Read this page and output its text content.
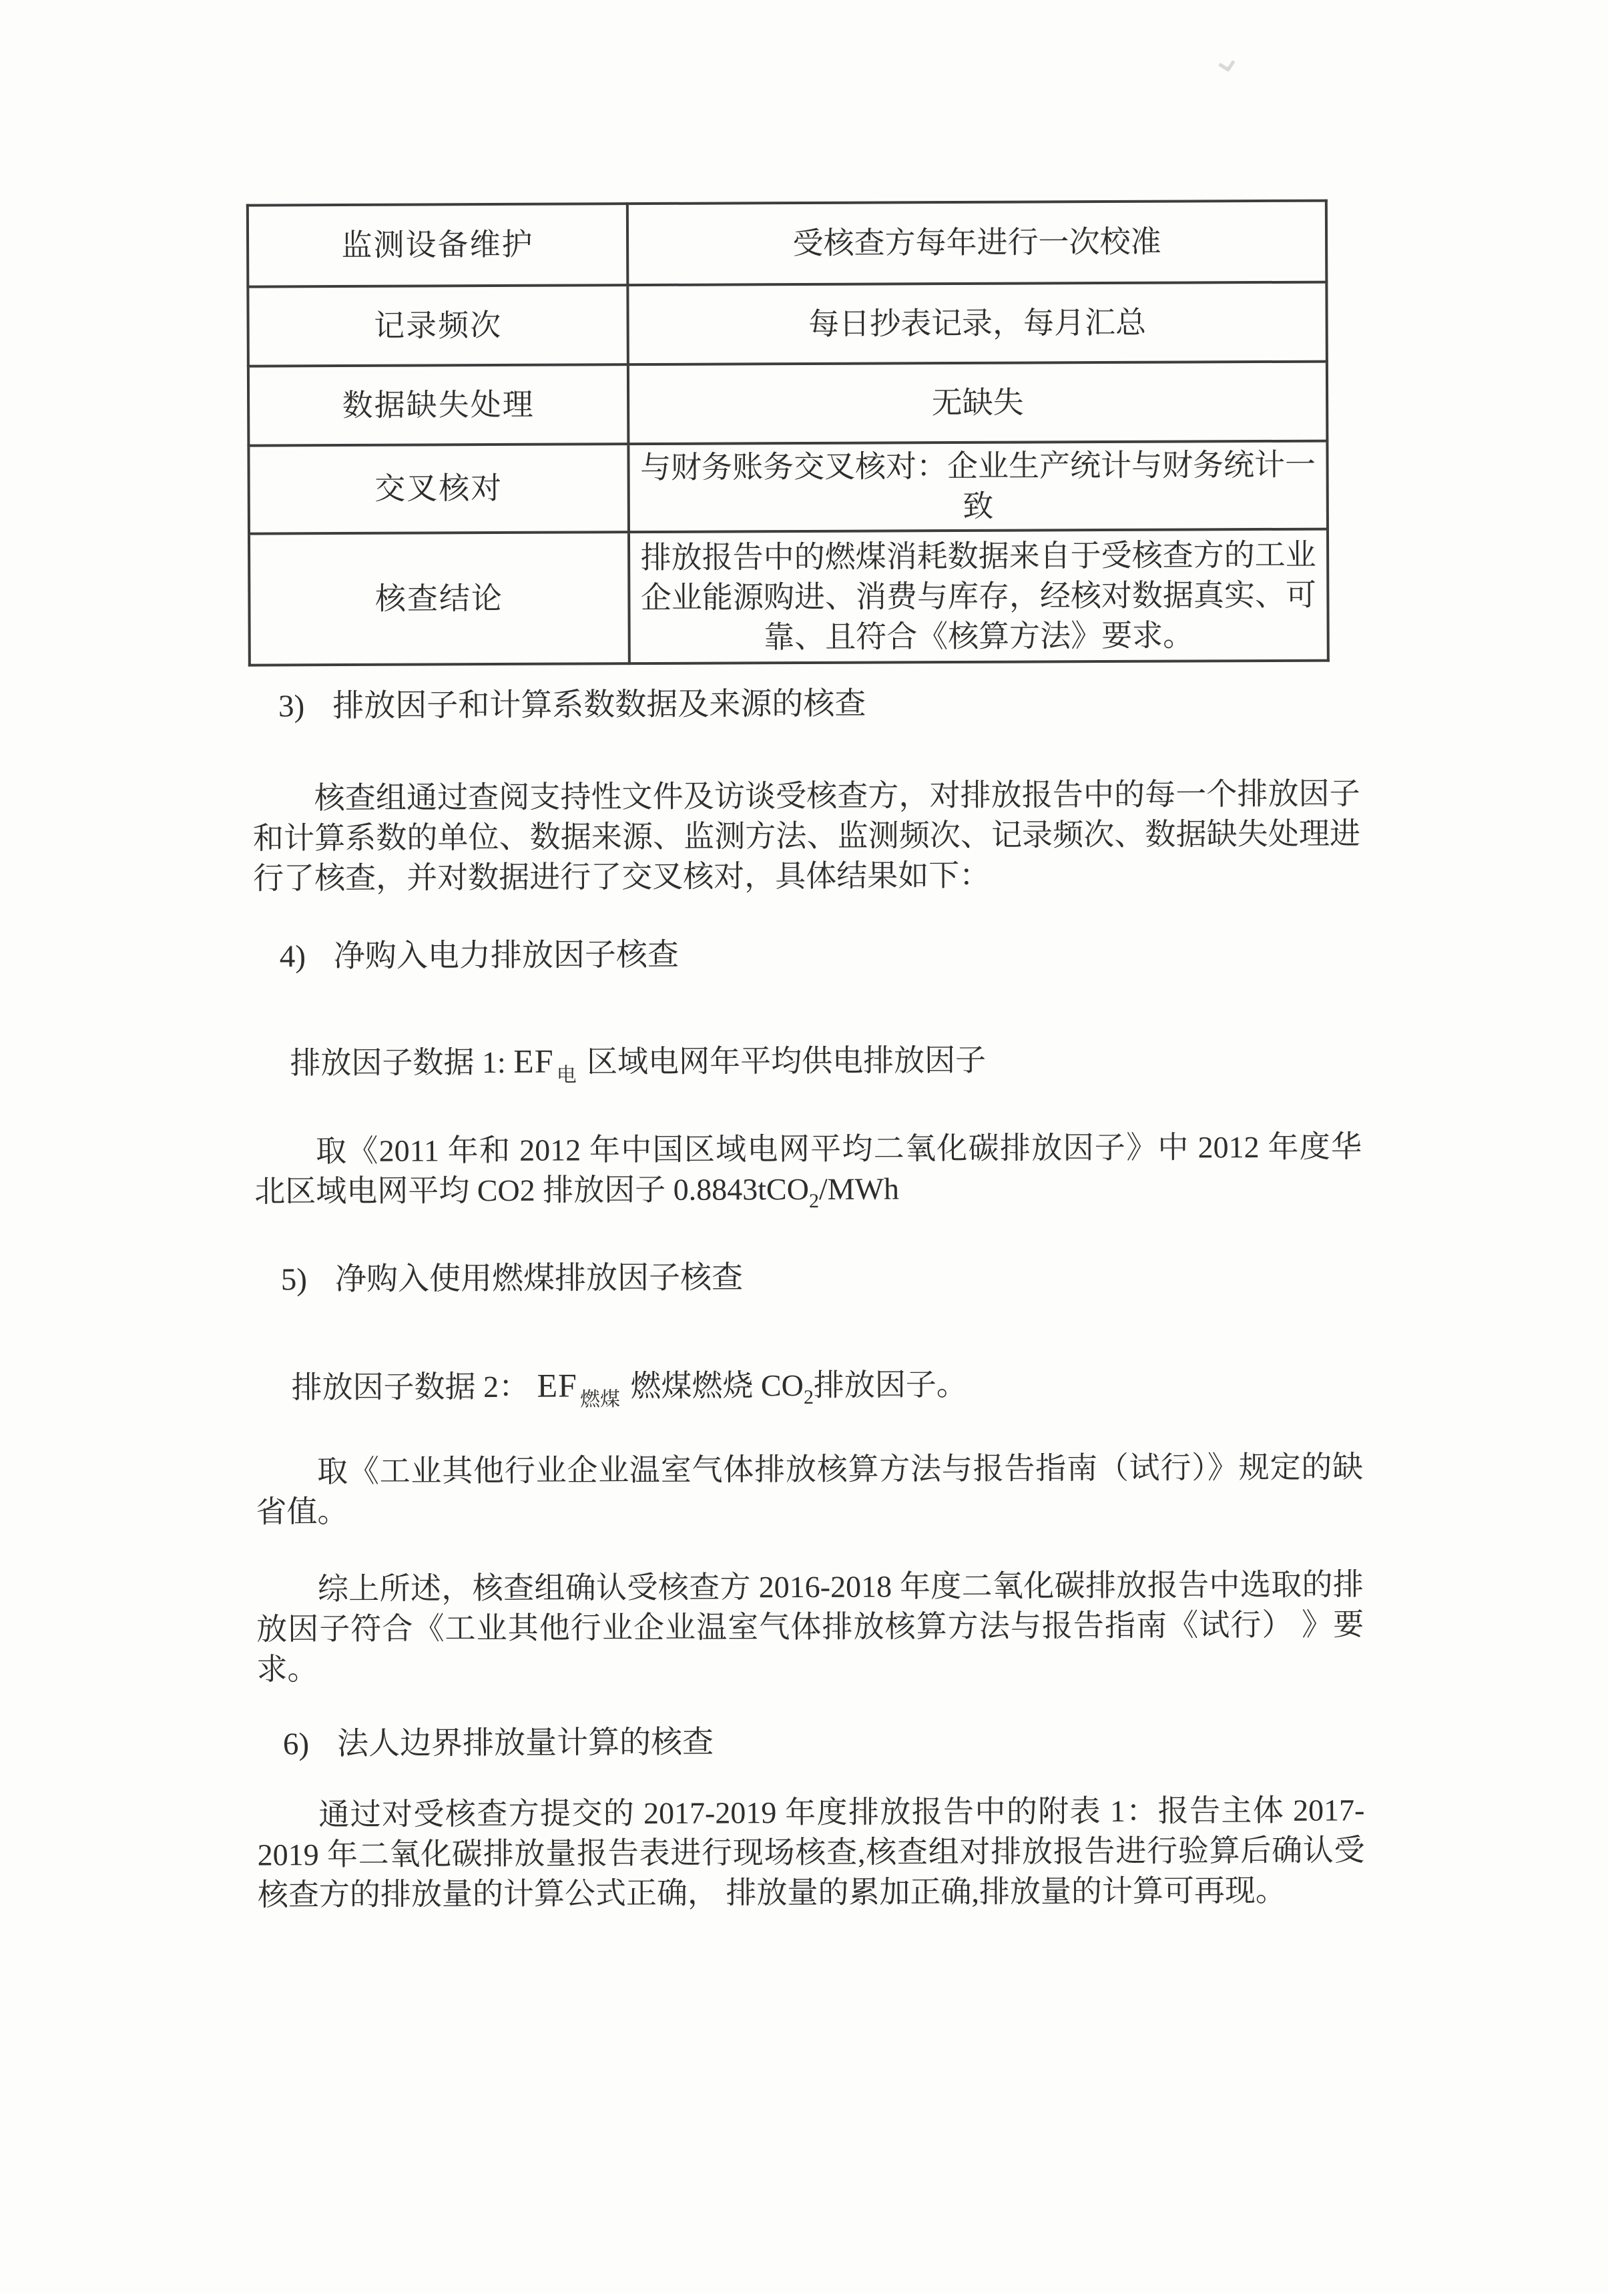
⌄
监测设备维护	受核查方每年进行一次校准
记录频次	每日抄表记录，每月汇总
数据缺失处理	无缺失
交叉核对	与财务账务交叉核对：企业生产统计与财务统计一致
核查结论	排放报告中的燃煤消耗数据来自于受核查方的工业企业能源购进、消费与库存，经核对数据真实、可靠、且符合《核算方法》要求。
3) 排放因子和计算系数数据及来源的核查
核查组通过查阅支持性文件及访谈受核查方，对排放报告中的每一个排放因子和计算系数的单位、数据来源、监测方法、监测频次、记录频次、数据缺失处理进行了核查，并对数据进行了交叉核对，具体结果如下：
4) 净购入电力排放因子核查
排放因子数据 1: EF $_电$ 区域电网年平均供电排放因子
取《2011 年和 2012 年中国区域电网平均二氧化碳排放因子》中 2012 年度华北区域电网平均 CO2 排放因子 0.8843tCO$_2$/MWh
5) 净购入使用燃煤排放因子核查
排放因子数据 2： EF $_{燃煤}$ 燃煤燃烧 $CO_2$排放因子。
取《工业其他行业企业温室气体排放核算方法与报告指南（试行）》规定的缺省值。
综上所述，核查组确认受核查方 2016-2018 年度二氧化碳排放报告中选取的排放因子符合《工业其他行业企业温室气体排放核算方法与报告指南《试行） 》要求。
6) 法人边界排放量计算的核查
通过对受核查方提交的 2017-2019 年度排放报告中的附表 1：报告主体 2017-2019 年二氧化碳排放量报告表进行现场核查,核查组对排放报告进行验算后确认受核查方的排放量的计算公式正确， 排放量的累加正确,排放量的计算可再现。
